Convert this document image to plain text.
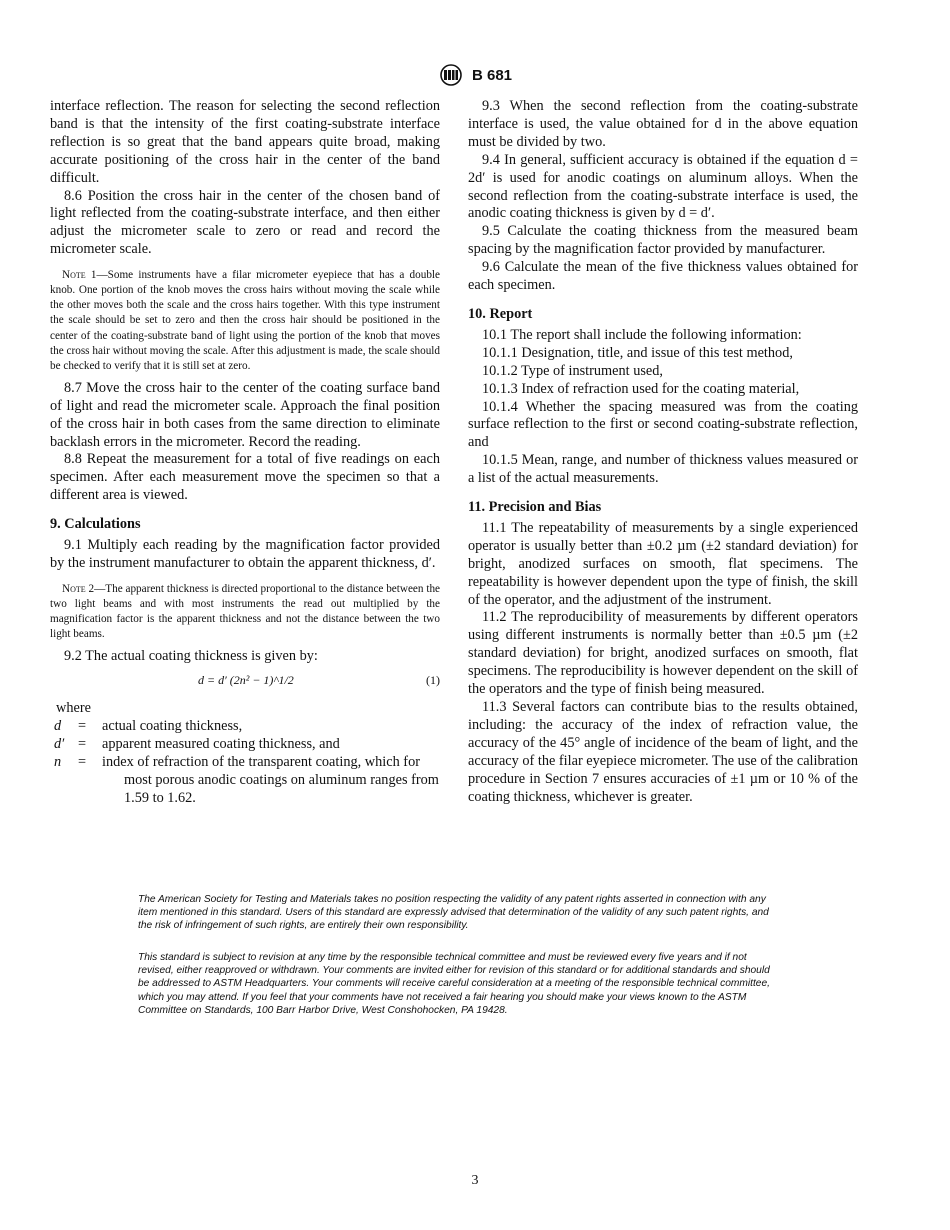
B 681

interface reflection. The reason for selecting the second reflection band is that the intensity of the first coating-substrate interface reflection is so great that the band appears quite broad, making accurate positioning of the cross hair in the center of the band difficult.

8.6 Position the cross hair in the center of the chosen band of light reflected from the coating-substrate interface, and then either adjust the micrometer scale to zero or read and record the micrometer scale.

Note 1—Some instruments have a filar micrometer eyepiece that has a double knob. One portion of the knob moves the cross hairs without moving the scale while the other moves both the scale and the cross hairs together. With this type instrument the scale should be set to zero and then the cross hair should be positioned in the center of the coating-substrate band of light using the portion of the knob that moves the cross hair without moving the scale. After this adjustment is made, the scale should be checked to verify that it is still set at zero.

8.7 Move the cross hair to the center of the coating surface band of light and read the micrometer scale. Approach the final position of the cross hair in both cases from the same direction to eliminate backlash errors in the micrometer. Record the reading.

8.8 Repeat the measurement for a total of five readings on each specimen. After each measurement move the specimen so that a different area is viewed.

9. Calculations

9.1 Multiply each reading by the magnification factor provided by the instrument manufacturer to obtain the apparent thickness, d′.

Note 2—The apparent thickness is directed proportional to the distance between the two light beams and with most instruments the read out multiplied by the magnification factor is the apparent thickness and not the distance between the two light beams.

9.2 The actual coating thickness is given by:

d = d′ (2n² − 1)^1/2	(1)

where

d	=	actual coating thickness,
d′ =	apparent measured coating thickness, and
n	=	index of refraction of the transparent coating, which for most porous anodic coatings on aluminum ranges from 1.59 to 1.62.

9.3 When the second reflection from the coating-substrate interface is used, the value obtained for d in the above equation must be divided by two.

9.4 In general, sufficient accuracy is obtained if the equation d = 2d′ is used for anodic coatings on aluminum alloys. When the second reflection from the coating-substrate interface is used, the anodic coating thickness is given by d = d′.

9.5 Calculate the coating thickness from the measured beam spacing by the magnification factor provided by manufacturer.

9.6 Calculate the mean of the five thickness values obtained for each specimen.

10. Report

10.1 The report shall include the following information:

10.1.1 Designation, title, and issue of this test method,

10.1.2 Type of instrument used,

10.1.3 Index of refraction used for the coating material,

10.1.4 Whether the spacing measured was from the coating surface reflection to the first or second coating-substrate reflection, and

10.1.5 Mean, range, and number of thickness values measured or a list of the actual measurements.

11. Precision and Bias

11.1 The repeatability of measurements by a single experienced operator is usually better than ±0.2 µm (±2 standard deviation) for bright, anodized surfaces on smooth, flat specimens. The repeatability is however dependent upon the type of finish, the skill of the operator, and the adjustment of the instrument.

11.2 The reproducibility of measurements by different operators using different instruments is normally better than ±0.5 µm (±2 standard deviation) for bright, anodized surfaces on smooth, flat specimens. The reproducibility is however dependent on the skill of the operators and the type of finish being measured.

11.3 Several factors can contribute bias to the results obtained, including: the accuracy of the index of refraction value, the accuracy of the 45° angle of incidence of the beam of light, and the accuracy of the filar eyepiece micrometer. The use of the calibration procedure in Section 7 ensures accuracies of ±1 µm or 10 % of the coating thickness, whichever is greater.

The American Society for Testing and Materials takes no position respecting the validity of any patent rights asserted in connection with any item mentioned in this standard. Users of this standard are expressly advised that determination of the validity of any such patent rights, and the risk of infringement of such rights, are entirely their own responsibility.

This standard is subject to revision at any time by the responsible technical committee and must be reviewed every five years and if not revised, either reapproved or withdrawn. Your comments are invited either for revision of this standard or for additional standards and should be addressed to ASTM Headquarters. Your comments will receive careful consideration at a meeting of the responsible technical committee, which you may attend. If you feel that your comments have not received a fair hearing you should make your views known to the ASTM Committee on Standards, 100 Barr Harbor Drive, West Conshohocken, PA 19428.

3
